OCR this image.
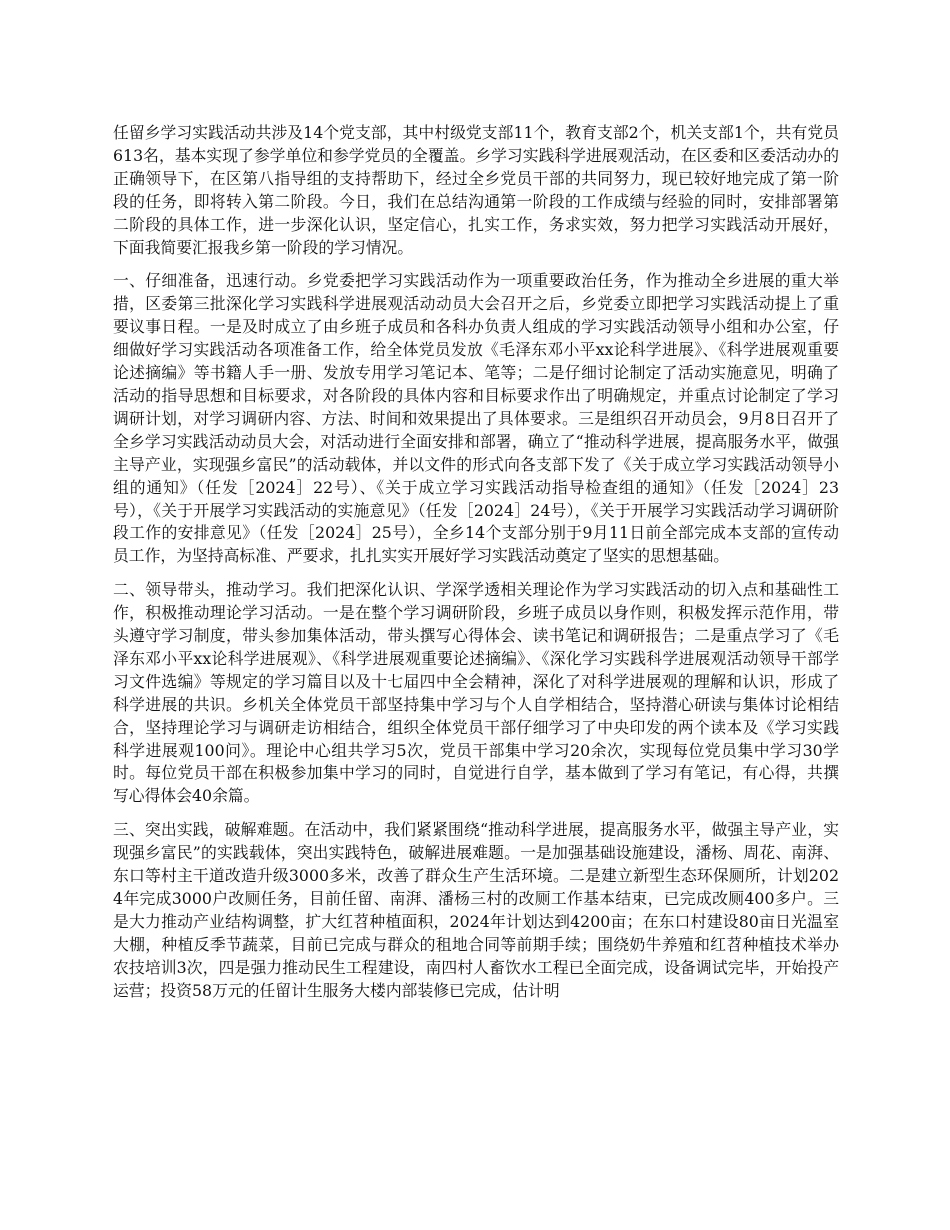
任留乡学习实践活动共涉及14个党支部，其中村级党支部11个，教育支部2个，机关支部1个，共有党员613名，基本实现了参学单位和参学党员的全覆盖。乡学习实践科学进展观活动，在区委和区委活动办的正确领导下，在区第八指导组的支持帮助下，经过全乡党员干部的共同努力，现已较好地完成了第一阶段的任务，即将转入第二阶段。今日，我们在总结沟通第一阶段的工作成绩与经验的同时，安排部署第二阶段的具体工作，进一步深化认识，坚定信心，扎实工作，务求实效，努力把学习实践活动开展好，下面我简要汇报我乡第一阶段的学习情况。

一、仔细准备，迅速行动。乡党委把学习实践活动作为一项重要政治任务，作为推动全乡进展的重大举措，区委第三批深化学习实践科学进展观活动动员大会召开之后，乡党委立即把学习实践活动提上了重要议事日程。一是及时成立了由乡班子成员和各科办负责人组成的学习实践活动领导小组和办公室，仔细做好学习实践活动各项准备工作，给全体党员发放《毛泽东邓小平xx论科学进展》、《科学进展观重要论述摘编》等书籍人手一册、发放专用学习笔记本、笔等；二是仔细讨论制定了活动实施意见，明确了活动的指导思想和目标要求，对各阶段的具体内容和目标要求作出了明确规定，并重点讨论制定了学习调研计划，对学习调研内容、方法、时间和效果提出了具体要求。三是组织召开动员会，9月8日召开了全乡学习实践活动动员大会，对活动进行全面安排和部署，确立了“推动科学进展，提高服务水平，做强主导产业，实现强乡富民”的活动载体，并以文件的形式向各支部下发了《关于成立学习实践活动领导小组的通知》（任发［2024］22号）、《关于成立学习实践活动指导检查组的通知》（任发［2024］23号），《关于开展学习实践活动的实施意见》（任发［2024］24号），《关于开展学习实践活动学习调研阶段工作的安排意见》（任发［2024］25号），全乡14个支部分别于9月11日前全部完成本支部的宣传动员工作，为坚持高标准、严要求，扎扎实实开展好学习实践活动奠定了坚实的思想基础。

二、领导带头，推动学习。我们把深化认识、学深学透相关理论作为学习实践活动的切入点和基础性工作，积极推动理论学习活动。一是在整个学习调研阶段，乡班子成员以身作则，积极发挥示范作用，带头遵守学习制度，带头参加集体活动，带头撰写心得体会、读书笔记和调研报告；二是重点学习了《毛泽东邓小平xx论科学进展观》、《科学进展观重要论述摘编》、《深化学习实践科学进展观活动领导干部学习文件选编》等规定的学习篇目以及十七届四中全会精神，深化了对科学进展观的理解和认识，形成了科学进展的共识。乡机关全体党员干部坚持集中学习与个人自学相结合，坚持潜心研读与集体讨论相结合，坚持理论学习与调研走访相结合，组织全体党员干部仔细学习了中央印发的两个读本及《学习实践科学进展观100问》。理论中心组共学习5次，党员干部集中学习20余次，实现每位党员集中学习30学时。每位党员干部在积极参加集中学习的同时，自觉进行自学，基本做到了学习有笔记，有心得，共撰写心得体会40余篇。

三、突出实践，破解难题。在活动中，我们紧紧围绕“推动科学进展，提高服务水平，做强主导产业，实现强乡富民”的实践载体，突出实践特色，破解进展难题。一是加强基础设施建设，潘杨、周花、南湃、东口等村主干道改造升级3000多米，改善了群众生产生活环境。二是建立新型生态环保厕所，计划2024年完成3000户改厕任务，目前任留、南湃、潘杨三村的改厕工作基本结束，已完成改厕400多户。三是大力推动产业结构调整，扩大红苕种植面积，2024年计划达到4200亩；在东口村建设80亩日光温室大棚，种植反季节蔬菜，目前已完成与群众的租地合同等前期手续；围绕奶牛养殖和红苕种植技术举办农技培训3次，四是强力推动民生工程建设，南四村人畜饮水工程已全面完成，设备调试完毕，开始投产运营；投资58万元的任留计生服务大楼内部装修已完成，估计明
